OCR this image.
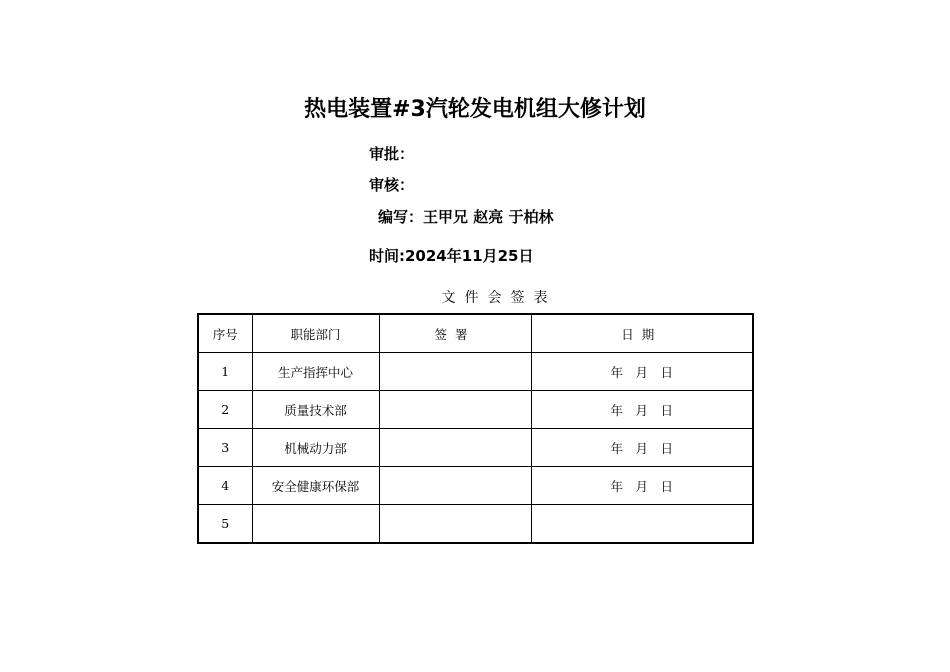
热电装置#3汽轮发电机组大修计划
审批：
审核：
编写：王甲兄 赵亮 于柏林
时间:2024年11月25日
文件会签表
序号	职能部门	签署	日期
1	生产指挥中心		年　月　日
2	质量技术部		年　月　日
3	机械动力部		年　月　日
4	安全健康环保部		年　月　日
5			
